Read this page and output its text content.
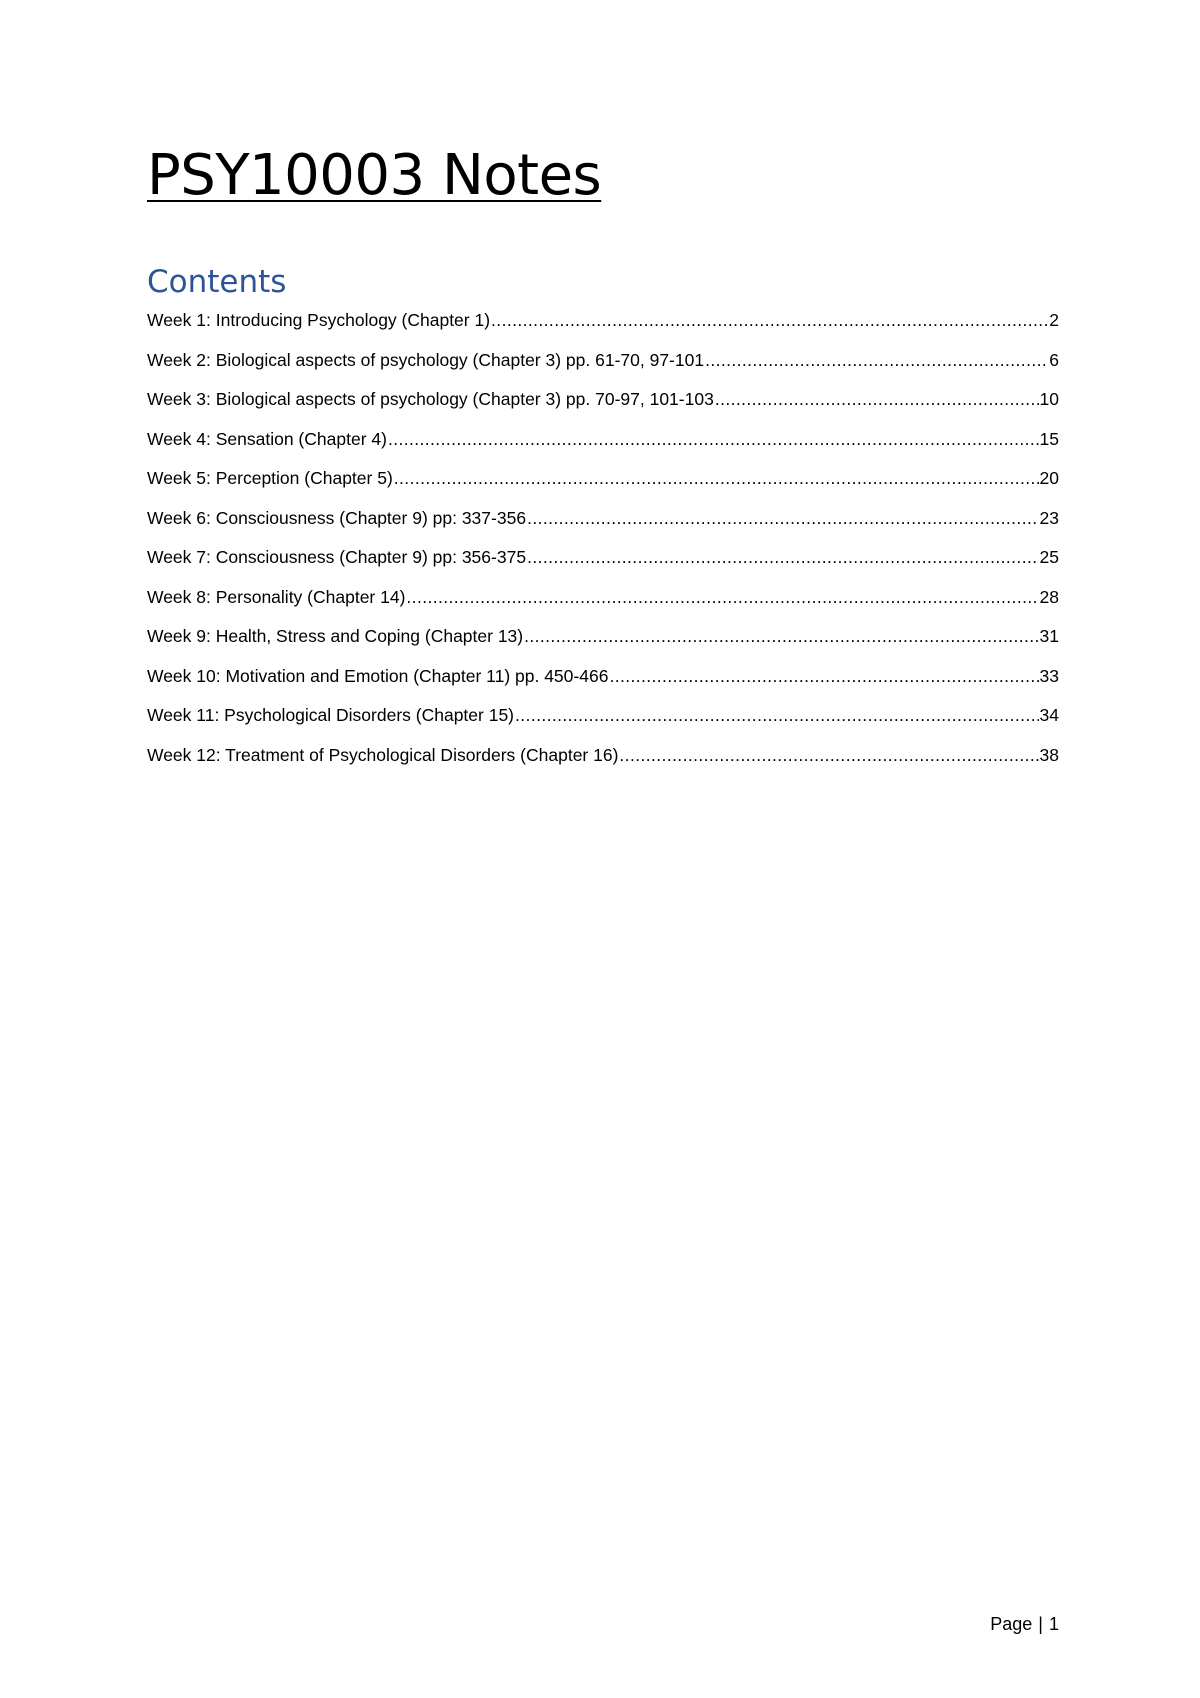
PSY10003 Notes
Contents
Week 1: Introducing Psychology (Chapter 1) .....	2
Week 2: Biological aspects of psychology (Chapter 3) pp. 61-70, 97-101 .....	6
Week 3: Biological aspects of psychology (Chapter 3) pp. 70-97, 101-103 .....	10
Week 4: Sensation (Chapter 4) .....	15
Week 5: Perception (Chapter 5) .....	20
Week 6: Consciousness (Chapter 9) pp: 337-356 .....	23
Week 7: Consciousness (Chapter 9) pp: 356-375 .....	25
Week 8: Personality (Chapter 14) .....	28
Week 9: Health, Stress and Coping (Chapter 13) .....	31
Week 10: Motivation and Emotion (Chapter 11) pp. 450-466 .....	33
Week 11: Psychological Disorders (Chapter 15) .....	34
Week 12: Treatment of Psychological Disorders (Chapter 16) .....	38
Page | 1
